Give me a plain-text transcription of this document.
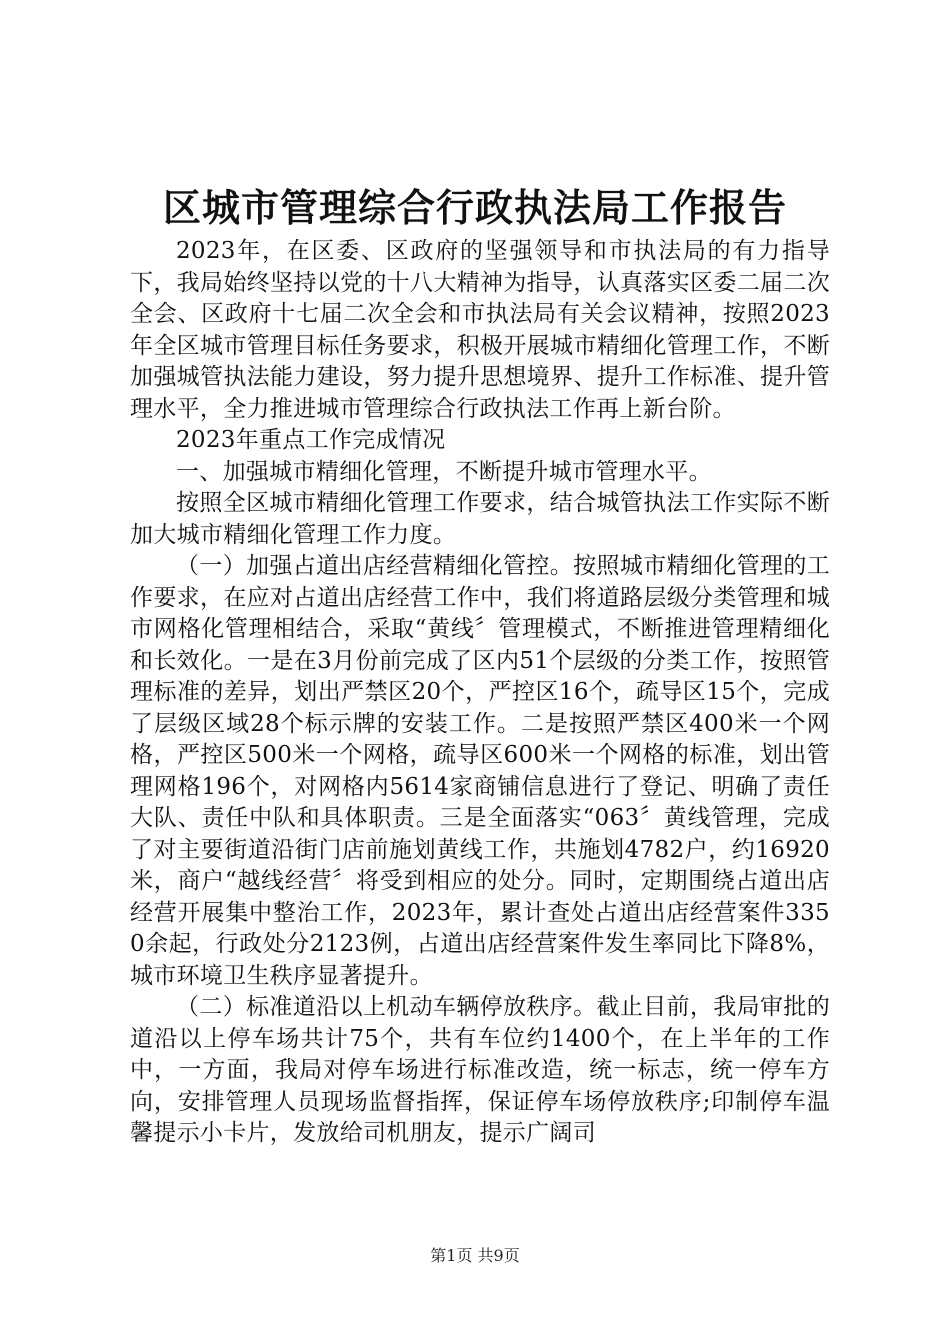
区城市管理综合行政执法局工作报告

2023年，在区委、区政府的坚强领导和市执法局的有力指导下，我局始终坚持以党的十八大精神为指导，认真落实区委二届二次全会、区政府十七届二次全会和市执法局有关会议精神，按照2023年全区城市管理目标任务要求，积极开展城市精细化管理工作，不断加强城管执法能力建设，努力提升思想境界、提升工作标准、提升管理水平，全力推进城市管理综合行政执法工作再上新台阶。

2023年重点工作完成情况

一、加强城市精细化管理，不断提升城市管理水平。

按照全区城市精细化管理工作要求，结合城管执法工作实际不断加大城市精细化管理工作力度。

（一）加强占道出店经营精细化管控。按照城市精细化管理的工作要求，在应对占道出店经营工作中，我们将道路层级分类管理和城市网格化管理相结合，采取“黄线〞管理模式，不断推进管理精细化和长效化。一是在3月份前完成了区内51个层级的分类工作，按照管理标准的差异，划出严禁区20个，严控区16个，疏导区15个，完成了层级区域28个标示牌的安装工作。二是按照严禁区400米一个网格，严控区500米一个网格，疏导区600米一个网格的标准，划出管理网格196个，对网格内5614家商铺信息进行了登记、明确了责任大队、责任中队和具体职责。三是全面落实“063〞黄线管理，完成了对主要街道沿街门店前施划黄线工作，共施划4782户，约16920米，商户“越线经营〞将受到相应的处分。同时，定期围绕占道出店经营开展集中整治工作，2023年，累计查处占道出店经营案件3350余起，行政处分2123例，占道出店经营案件发生率同比下降8%，城市环境卫生秩序显著提升。

（二）标准道沿以上机动车辆停放秩序。截止目前，我局审批的道沿以上停车场共计75个，共有车位约1400个，在上半年的工作中，一方面，我局对停车场进行标准改造，统一标志，统一停车方向，安排管理人员现场监督指挥，保证停车场停放秩序;印制停车温馨提示小卡片，发放给司机朋友，提示广阔司

第1页 共9页
